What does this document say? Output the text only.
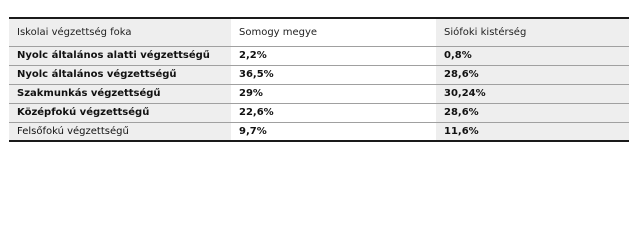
Iskolai végzettség foka	Somogy megye	Siófoki kistérség
Nyolc általános alatti végzettségű	2,2%	0,8%
Nyolc általános végzettségű	36,5%	28,6%
Szakmunkás végzettségű	29%	30,24%
Középfokú végzettségű	22,6%	28,6%
Felsőfokú végzettségű	9,7%	11,6%
